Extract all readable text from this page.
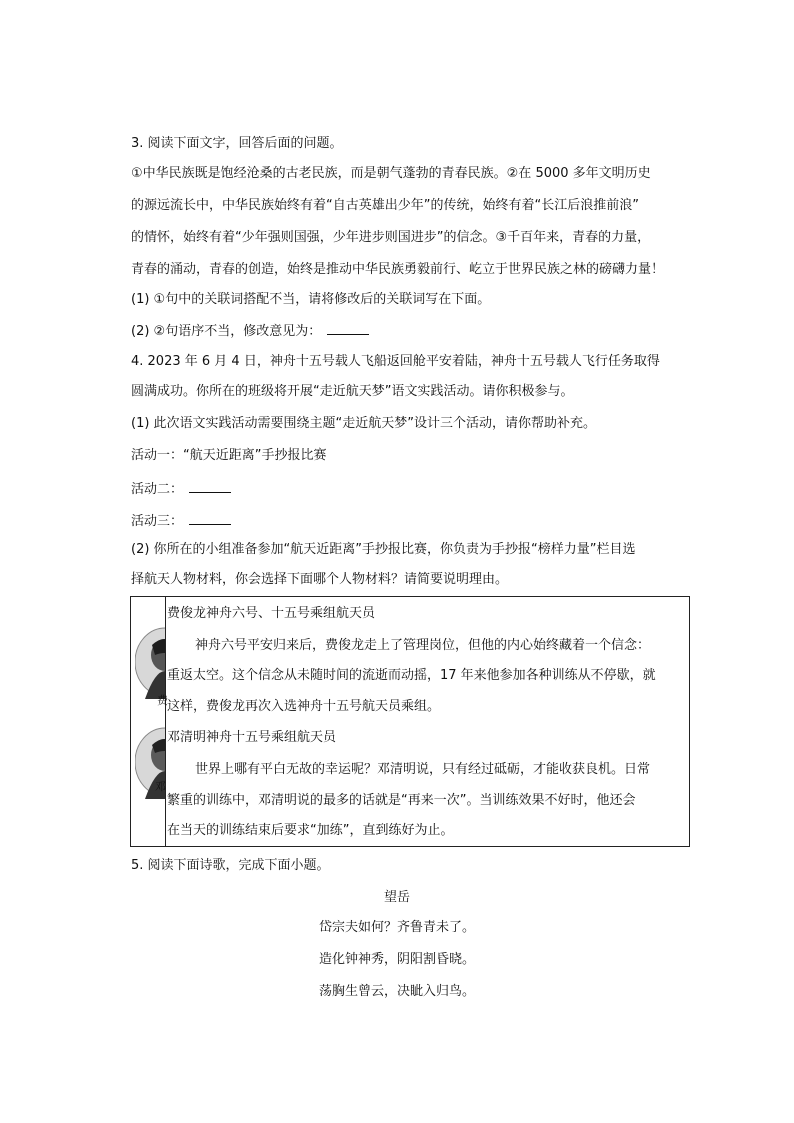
3. 阅读下面文字，回答后面的问题。
①中华民族既是饱经沧桑的古老民族，而是朝气蓬勃的青春民族。②在 5000 多年文明历史
的源远流长中，中华民族始终有着“自古英雄出少年”的传统，始终有着“长江后浪推前浪”
的情怀，始终有着“少年强则国强，少年进步则国进步”的信念。③千百年来，青春的力量，
青春的涌动，青春的创造，始终是推动中华民族勇毅前行、屹立于世界民族之林的磅礴力量！
(1) ①句中的关联词搭配不当，请将修改后的关联词写在下面。
(2) ②句语序不当，修改意见为：
4. 2023 年 6 月 4 日，神舟十五号载人飞船返回舱平安着陆，神舟十五号载人飞行任务取得
圆满成功。你所在的班级将开展“走近航天梦”语文实践活动。请你积极参与。
(1) 此次语文实践活动需要围绕主题“走近航天梦”设计三个活动，请你帮助补充。
活动一：“航天近距离”手抄报比赛
活动二：
活动三：
(2) 你所在的小组准备参加“航天近距离”手抄报比赛，你负责为手抄报“榜样力量”栏目选
择航天人物材料，你会选择下面哪个人物材料？请简要说明理由。
费
邓
费俊龙神舟六号、十五号乘组航天员
神舟六号平安归来后，费俊龙走上了管理岗位，但他的内心始终藏着一个信念：
重返太空。这个信念从未随时间的流逝而动摇，17 年来他参加各种训练从不停歇，就
这样，费俊龙再次入选神舟十五号航天员乘组。
邓清明神舟十五号乘组航天员
世界上哪有平白无故的幸运呢？邓清明说，只有经过砥砺，才能收获良机。日常
繁重的训练中，邓清明说的最多的话就是“再来一次”。当训练效果不好时，他还会
在当天的训练结束后要求“加练”，直到练好为止。
5. 阅读下面诗歌，完成下面小题。
望岳
岱宗夫如何？齐鲁青未了。
造化钟神秀，阴阳割昏晓。
荡胸生曾云，决眦入归鸟。
